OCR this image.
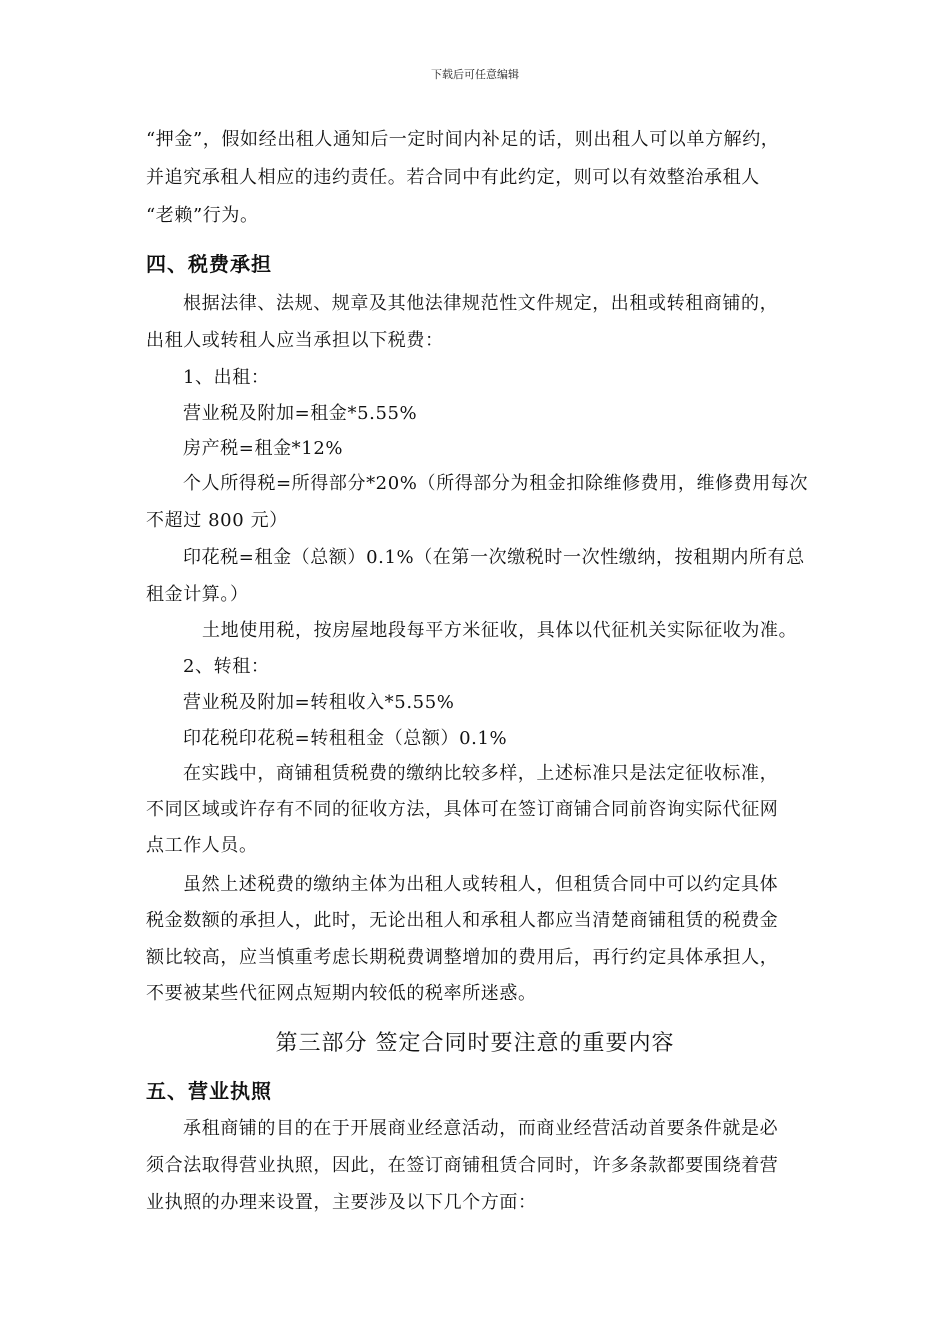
下载后可任意编辑
“押金”，假如经出租人通知后一定时间内补足的话，则出租人可以单方解约，
并追究承租人相应的违约责任。若合同中有此约定，则可以有效整治承租人
“老赖”行为。
四、税费承担
根据法律、法规、规章及其他法律规范性文件规定，出租或转租商铺的，
出租人或转租人应当承担以下税费：
1、出租：
营业税及附加=租金*5.55%
房产税=租金*12%
个人所得税=所得部分*20%（所得部分为租金扣除维修费用，维修费用每次
不超过 800 元）
印花税=租金（总额）0.1%（在第一次缴税时一次性缴纳，按租期内所有总
租金计算。）
土地使用税，按房屋地段每平方米征收，具体以代征机关实际征收为准。
2、转租：
营业税及附加=转租收入*5.55%
印花税印花税=转租租金（总额）0.1%
在实践中，商铺租赁税费的缴纳比较多样，上述标准只是法定征收标准，
不同区域或许存有不同的征收方法，具体可在签订商铺合同前咨询实际代征网
点工作人员。
虽然上述税费的缴纳主体为出租人或转租人，但租赁合同中可以约定具体
税金数额的承担人，此时，无论出租人和承租人都应当清楚商铺租赁的税费金
额比较高，应当慎重考虑长期税费调整增加的费用后，再行约定具体承担人，
不要被某些代征网点短期内较低的税率所迷惑。
第三部分 签定合同时要注意的重要内容
五、营业执照
承租商铺的目的在于开展商业经意活动，而商业经营活动首要条件就是必
须合法取得营业执照，因此，在签订商铺租赁合同时，许多条款都要围绕着营
业执照的办理来设置，主要涉及以下几个方面：
